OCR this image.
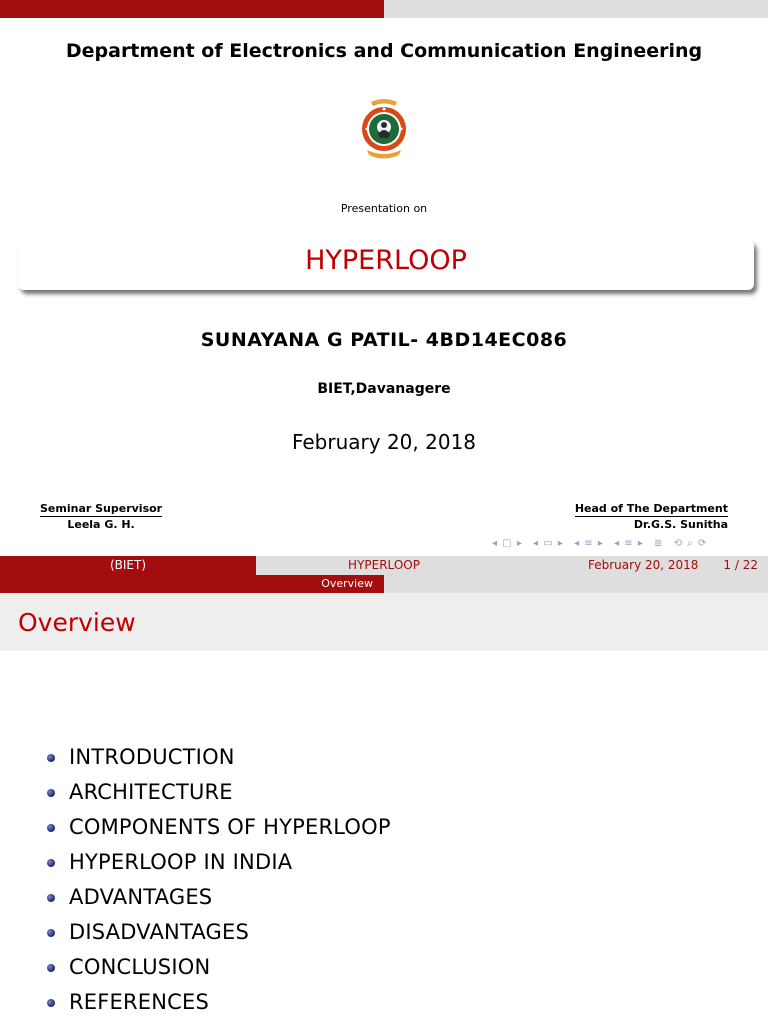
Department of Electronics and Communication Engineering
Presentation on
HYPERLOOP
SUNAYANA G PATIL- 4BD14EC086
BIET,Davanagere
February 20, 2018
Seminar Supervisor
Leela G. H.
Head of The Department
Dr.G.S. Sunitha
◂ ▢ ▸ ◂ ▭ ▸ ◂ ≡ ▸ ◂ ≡ ▸ ≣ ⟲ ⌕ ⟳
(BIET)	HYPERLOOP	February 20, 2018 1 / 22
Overview
Overview
INTRODUCTION
ARCHITECTURE
COMPONENTS OF HYPERLOOP
HYPERLOOP IN INDIA
ADVANTAGES
DISADVANTAGES
CONCLUSION
REFERENCES
